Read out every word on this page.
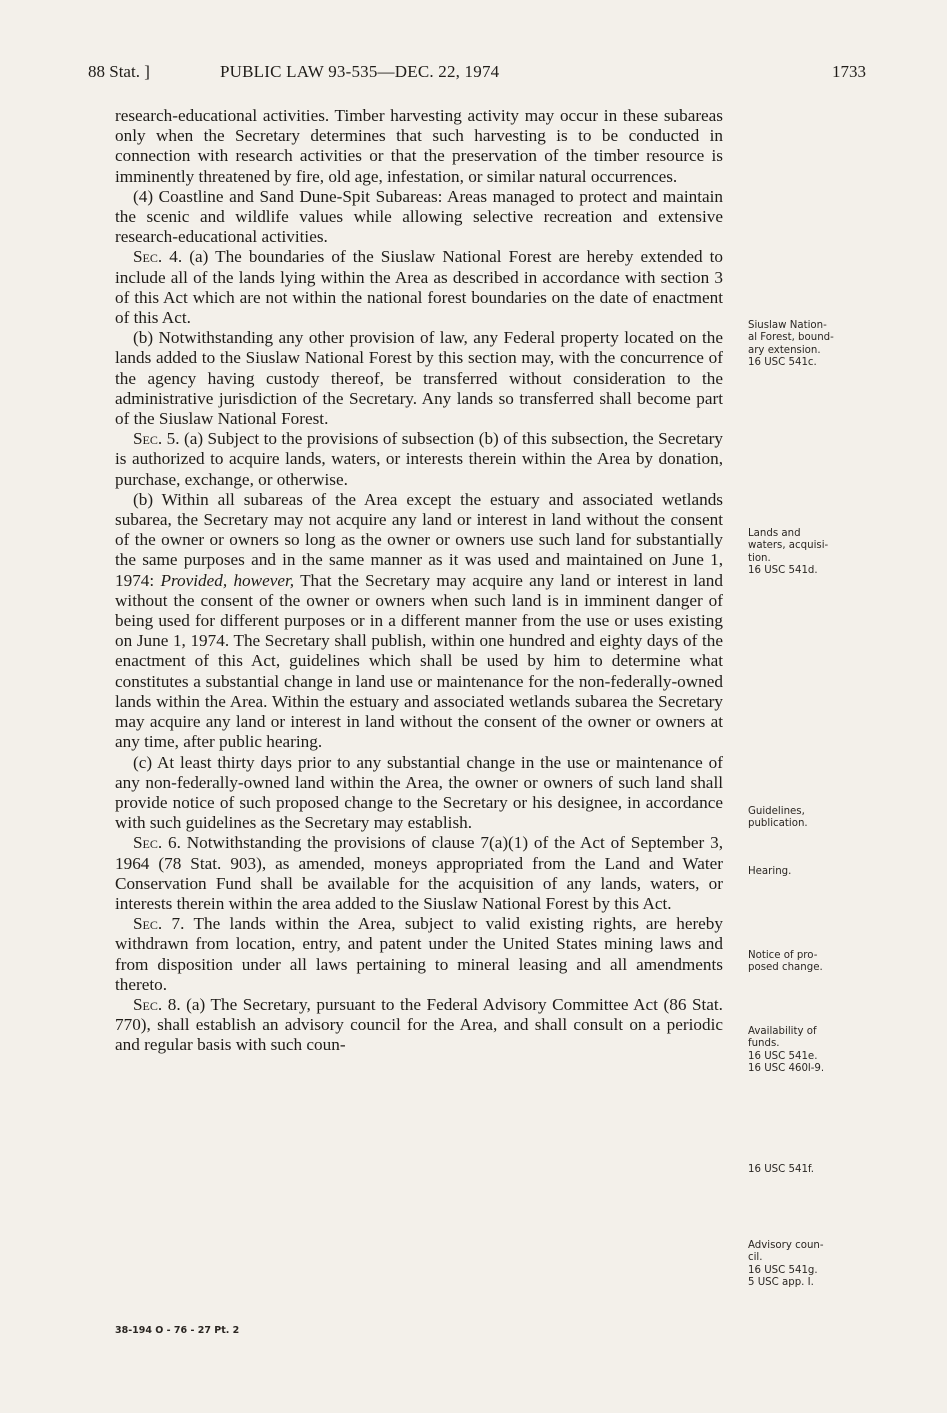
88 Stat. ]	PUBLIC LAW 93-535—DEC. 22, 1974	1733

research-educational activities. Timber harvesting activity may occur in these subareas only when the Secretary determines that such harvesting is to be conducted in connection with research activities or that the preservation of the timber resource is imminently threatened by fire, old age, infestation, or similar natural occurrences.

(4) Coastline and Sand Dune-Spit Subareas: Areas managed to protect and maintain the scenic and wildlife values while allowing selective recreation and extensive research-educational activities.

Sec. 4. (a) The boundaries of the Siuslaw National Forest are hereby extended to include all of the lands lying within the Area as described in accordance with section 3 of this Act which are not within the national forest boundaries on the date of enactment of this Act.

(b) Notwithstanding any other provision of law, any Federal property located on the lands added to the Siuslaw National Forest by this section may, with the concurrence of the agency having custody thereof, be transferred without consideration to the administrative jurisdiction of the Secretary. Any lands so transferred shall become part of the Siuslaw National Forest.

Sec. 5. (a) Subject to the provisions of subsection (b) of this subsection, the Secretary is authorized to acquire lands, waters, or interests therein within the Area by donation, purchase, exchange, or otherwise.

(b) Within all subareas of the Area except the estuary and associated wetlands subarea, the Secretary may not acquire any land or interest in land without the consent of the owner or owners so long as the owner or owners use such land for substantially the same purposes and in the same manner as it was used and maintained on June 1, 1974: Provided, however, That the Secretary may acquire any land or interest in land without the consent of the owner or owners when such land is in imminent danger of being used for different purposes or in a different manner from the use or uses existing on June 1, 1974. The Secretary shall publish, within one hundred and eighty days of the enactment of this Act, guidelines which shall be used by him to determine what constitutes a substantial change in land use or maintenance for the non-federally-owned lands within the Area. Within the estuary and associated wetlands subarea the Secretary may acquire any land or interest in land without the consent of the owner or owners at any time, after public hearing.

(c) At least thirty days prior to any substantial change in the use or maintenance of any non-federally-owned land within the Area, the owner or owners of such land shall provide notice of such proposed change to the Secretary or his designee, in accordance with such guidelines as the Secretary may establish.

Sec. 6. Notwithstanding the provisions of clause 7(a)(1) of the Act of September 3, 1964 (78 Stat. 903), as amended, moneys appropriated from the Land and Water Conservation Fund shall be available for the acquisition of any lands, waters, or interests therein within the area added to the Siuslaw National Forest by this Act.

Sec. 7. The lands within the Area, subject to valid existing rights, are hereby withdrawn from location, entry, and patent under the United States mining laws and from disposition under all laws pertaining to mineral leasing and all amendments thereto.

Sec. 8. (a) The Secretary, pursuant to the Federal Advisory Committee Act (86 Stat. 770), shall establish an advisory council for the Area, and shall consult on a periodic and regular basis with such coun-

Siuslaw Nation-
al Forest, bound-
ary extension.
16 USC 541c.
Lands and
waters, acquisi-
tion.
16 USC 541d.
Guidelines,
publication.
Hearing.
Notice of pro-
posed change.
Availability of
funds.
16 USC 541e.
16 USC 460l-9.
16 USC 541f.
Advisory coun-
cil.
16 USC 541g.
5 USC app. I.
38-194 O - 76 - 27 Pt. 2
